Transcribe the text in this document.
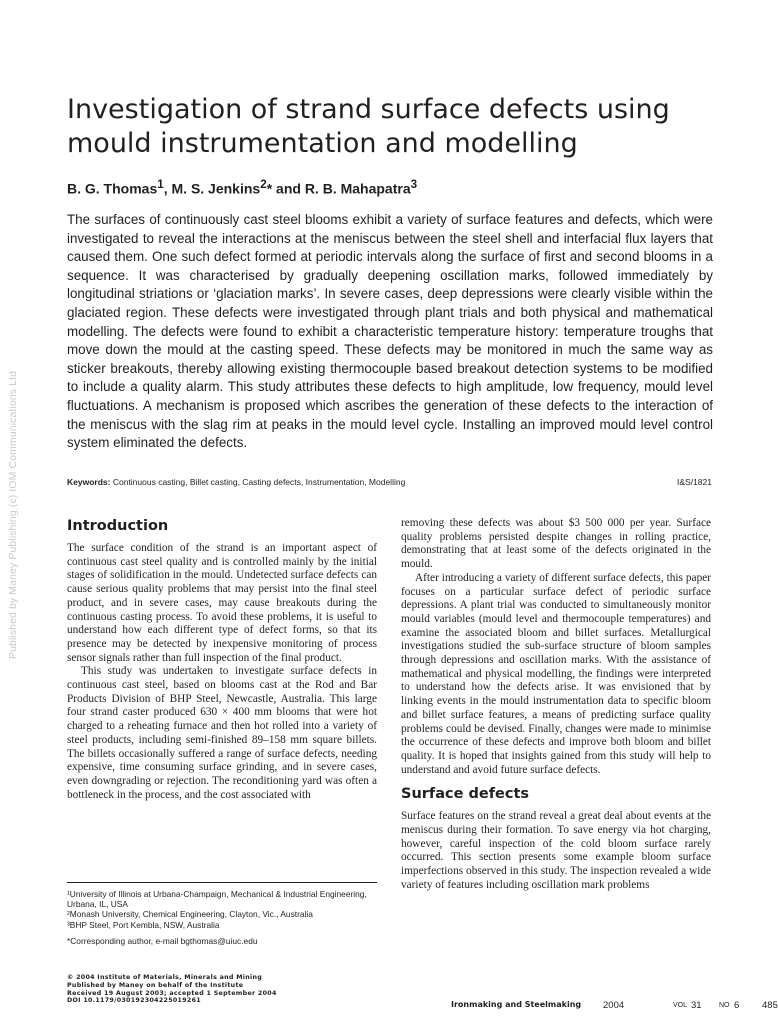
Published by Maney Publishing (c) IOM Communications Ltd
Investigation of strand surface defects using mould instrumentation and modelling
B. G. Thomas$^1$, M. S. Jenkins$^2$* and R. B. Mahapatra$^3$

The surfaces of continuously cast steel blooms exhibit a variety of surface features and defects, which were investigated to reveal the interactions at the meniscus between the steel shell and interfacial flux layers that caused them. One such defect formed at periodic intervals along the surface of first and second blooms in a sequence. It was characterised by gradually deepening oscillation marks, followed immediately by longitudinal striations or ‘glaciation marks’. In severe cases, deep depressions were clearly visible within the glaciated region. These defects were investigated through plant trials and both physical and mathematical modelling. The defects were found to exhibit a characteristic temperature history: temperature troughs that move down the mould at the casting speed. These defects may be monitored in much the same way as sticker breakouts, thereby allowing existing thermocouple based breakout detection systems to be modified to include a quality alarm. This study attributes these defects to high amplitude, low frequency, mould level fluctuations. A mechanism is proposed which ascribes the generation of these defects to the interaction of the meniscus with the slag rim at peaks in the mould level cycle. Installing an improved mould level control system eliminated the defects.

Keywords: Continuous casting, Billet casting, Casting defects, Instrumentation, Modelling	I&S/1821
Introduction

The surface condition of the strand is an important aspect of continuous cast steel quality and is controlled mainly by the initial stages of solidification in the mould. Undetected surface defects can cause serious quality problems that may persist into the final steel product, and in severe cases, may cause breakouts during the continuous casting process. To avoid these problems, it is useful to understand how each different type of defect forms, so that its presence may be detected by inexpensive monitoring of process sensor signals rather than full inspection of the final product.

This study was undertaken to investigate surface defects in continuous cast steel, based on blooms cast at the Rod and Bar Products Division of BHP Steel, Newcastle, Australia. This large four strand caster produced 630 × 400 mm blooms that were hot charged to a reheating furnace and then hot rolled into a variety of steel products, including semi-finished 89–158 mm square billets. The billets occasionally suffered a range of surface defects, needing expensive, time consuming surface grinding, and in severe cases, even downgrading or rejection. The reconditioning yard was often a bottleneck in the process, and the cost associated with

removing these defects was about $3 500 000 per year. Surface quality problems persisted despite changes in rolling practice, demonstrating that at least some of the defects originated in the mould.

After introducing a variety of different surface defects, this paper focuses on a particular surface defect of periodic surface depressions. A plant trial was conducted to simultaneously monitor mould variables (mould level and thermocouple temperatures) and examine the associated bloom and billet surfaces. Metallurgical investigations studied the sub-surface structure of bloom samples through depressions and oscillation marks. With the assistance of mathematical and physical modelling, the findings were interpreted to understand how the defects arise. It was envisioned that by linking events in the mould instrumentation data to specific bloom and billet surface features, a means of predicting surface quality problems could be devised. Finally, changes were made to minimise the occurrence of these defects and improve both bloom and billet quality. It is hoped that insights gained from this study will help to understand and avoid future surface defects.

Surface defects

Surface features on the strand reveal a great deal about events at the meniscus during their formation. To save energy via hot charging, however, careful inspection of the cold bloom surface rarely occurred. This section presents some example bloom surface imperfections observed in this study. The inspection revealed a wide variety of features including oscillation mark problems

¹University of Illinois at Urbana-Champaign, Mechanical & Industrial Engineering, Urbana, IL, USA

²Monash University, Chemical Engineering, Clayton, Vic., Australia

³BHP Steel, Port Kembla, NSW, Australia

*Corresponding author, e-mail bgthomas@uiuc.edu

© 2004 Institute of Materials, Minerals and Mining

Published by Maney on behalf of the Institute

Received 19 August 2003; accepted 1 September 2004

DOI 10.1179/030192304225019261	Ironmaking and Steelmaking 2004	VOL 31 NO 6 485
